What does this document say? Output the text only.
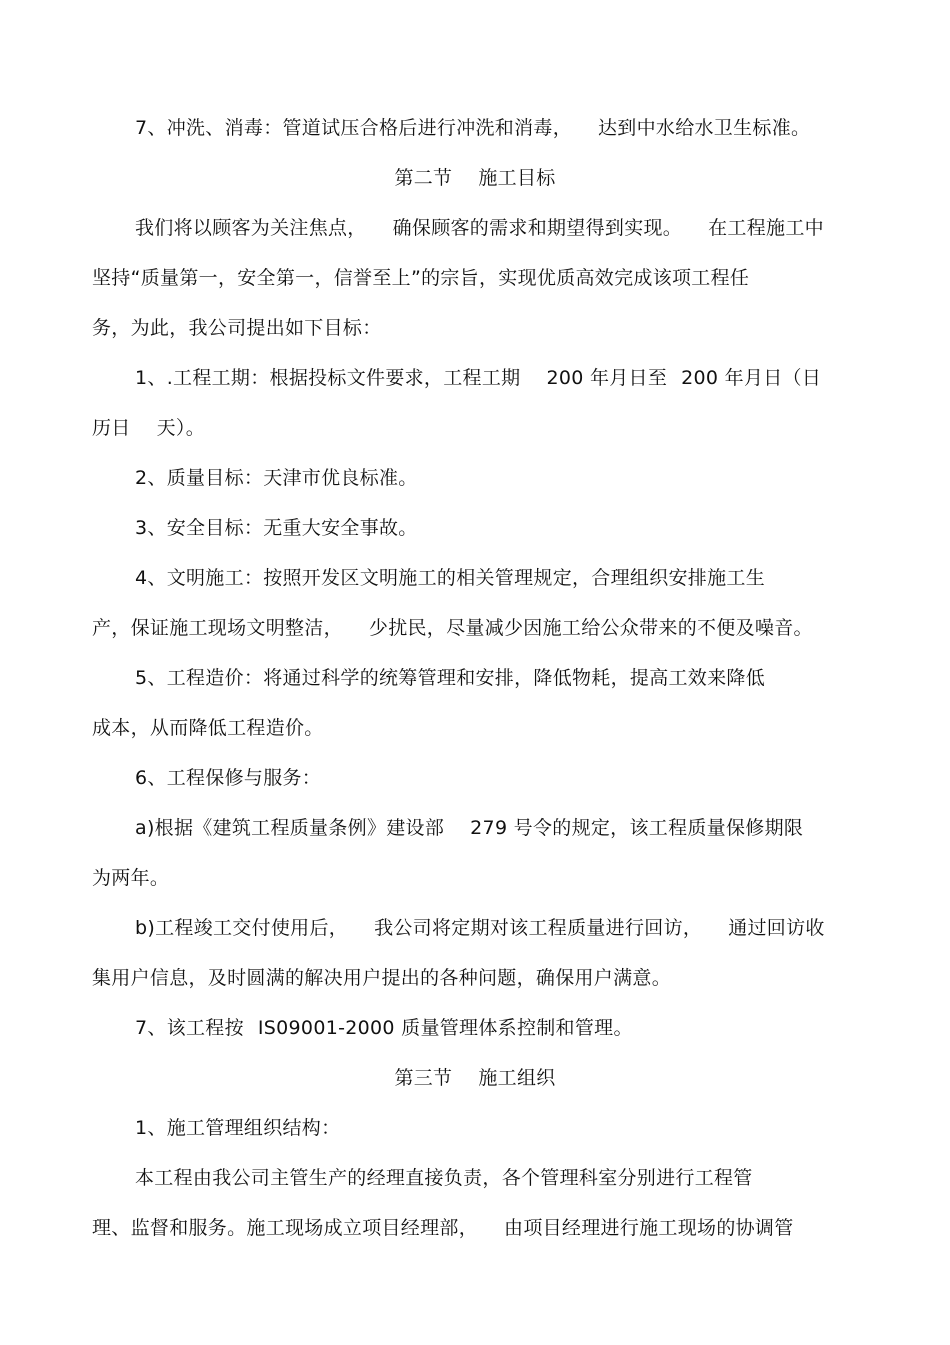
7、冲洗、消毒：管道试压合格后进行冲洗和消毒， 达到中水给水卫生标准。
第二节 施工目标
我们将以顾客为关注焦点， 确保顾客的需求和期望得到实现。 在工程施工中
坚持“质量第一，安全第一，信誉至上”的宗旨，实现优质高效完成该项工程任
务，为此，我公司提出如下目标：
1、.工程工期：根据投标文件要求，工程工期 200 年月日至 200 年月日（日
历日 天）。
2、质量目标：天津市优良标准。
3、安全目标：无重大安全事故。
4、文明施工：按照开发区文明施工的相关管理规定，合理组织安排施工生
产，保证施工现场文明整洁， 少扰民，尽量减少因施工给公众带来的不便及噪音。
5、工程造价：将通过科学的统筹管理和安排，降低物耗，提高工效来降低
成本，从而降低工程造价。
6、工程保修与服务：
a)根据《建筑工程质量条例》建设部 279 号令的规定，该工程质量保修期限
为两年。
b)工程竣工交付使用后， 我公司将定期对该工程质量进行回访， 通过回访收
集用户信息，及时圆满的解决用户提出的各种问题，确保用户满意。
7、该工程按 IS09001-2000 质量管理体系控制和管理。
第三节 施工组织
1、施工管理组织结构：
本工程由我公司主管生产的经理直接负责，各个管理科室分别进行工程管
理、监督和服务。施工现场成立项目经理部， 由项目经理进行施工现场的协调管
